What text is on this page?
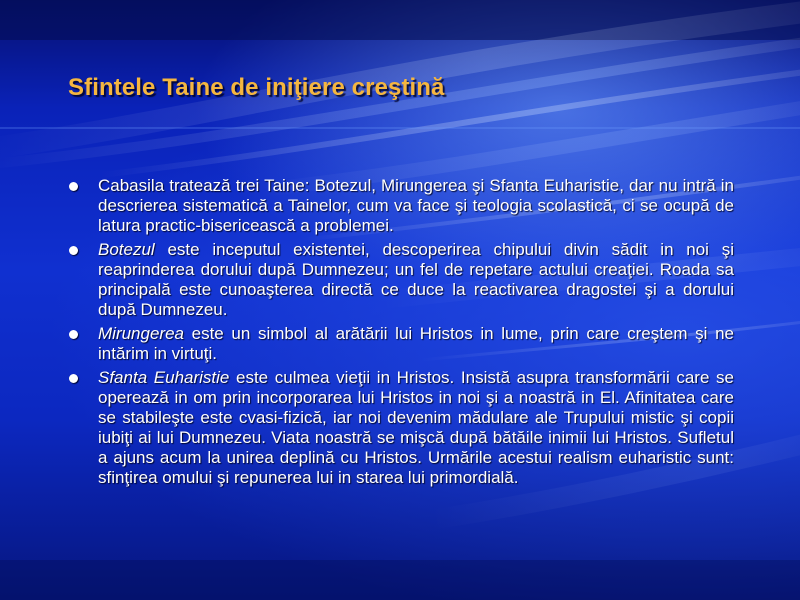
Sfintele Taine de iniţiere creştină
Cabasila tratează trei Taine: Botezul, Mirungerea şi Sfanta Euharistie, dar nu intră in descrierea sistematică a Tainelor, cum va face şi teologia scolastică, ci se ocupă de latura practic-bisericească a problemei.
Botezul este inceputul existentei, descoperirea chipului divin sădit in noi şi reaprinderea dorului după Dumnezeu; un fel de repetare actului creaţiei. Roada sa principală este cunoaşterea directă ce duce la reactivarea dragostei şi a dorului după Dumnezeu.
Mirungerea este un simbol al arătării lui Hristos in lume, prin care creştem şi ne intărim in virtuţi.
Sfanta Euharistie este culmea vieţii in Hristos. Insistă asupra transformării care se operează in om prin incorporarea lui Hristos in noi şi a noastră in El. Afinitatea care se stabileşte este cvasi-fizică, iar noi devenim mădulare ale Trupului mistic şi copii iubiţi ai lui Dumnezeu. Viata noastră se mişcă după bătăile inimii lui Hristos. Sufletul a ajuns acum la unirea deplină cu Hristos. Urmările acestui realism euharistic sunt: sfinţirea omului şi repunerea lui in starea lui primordială.
